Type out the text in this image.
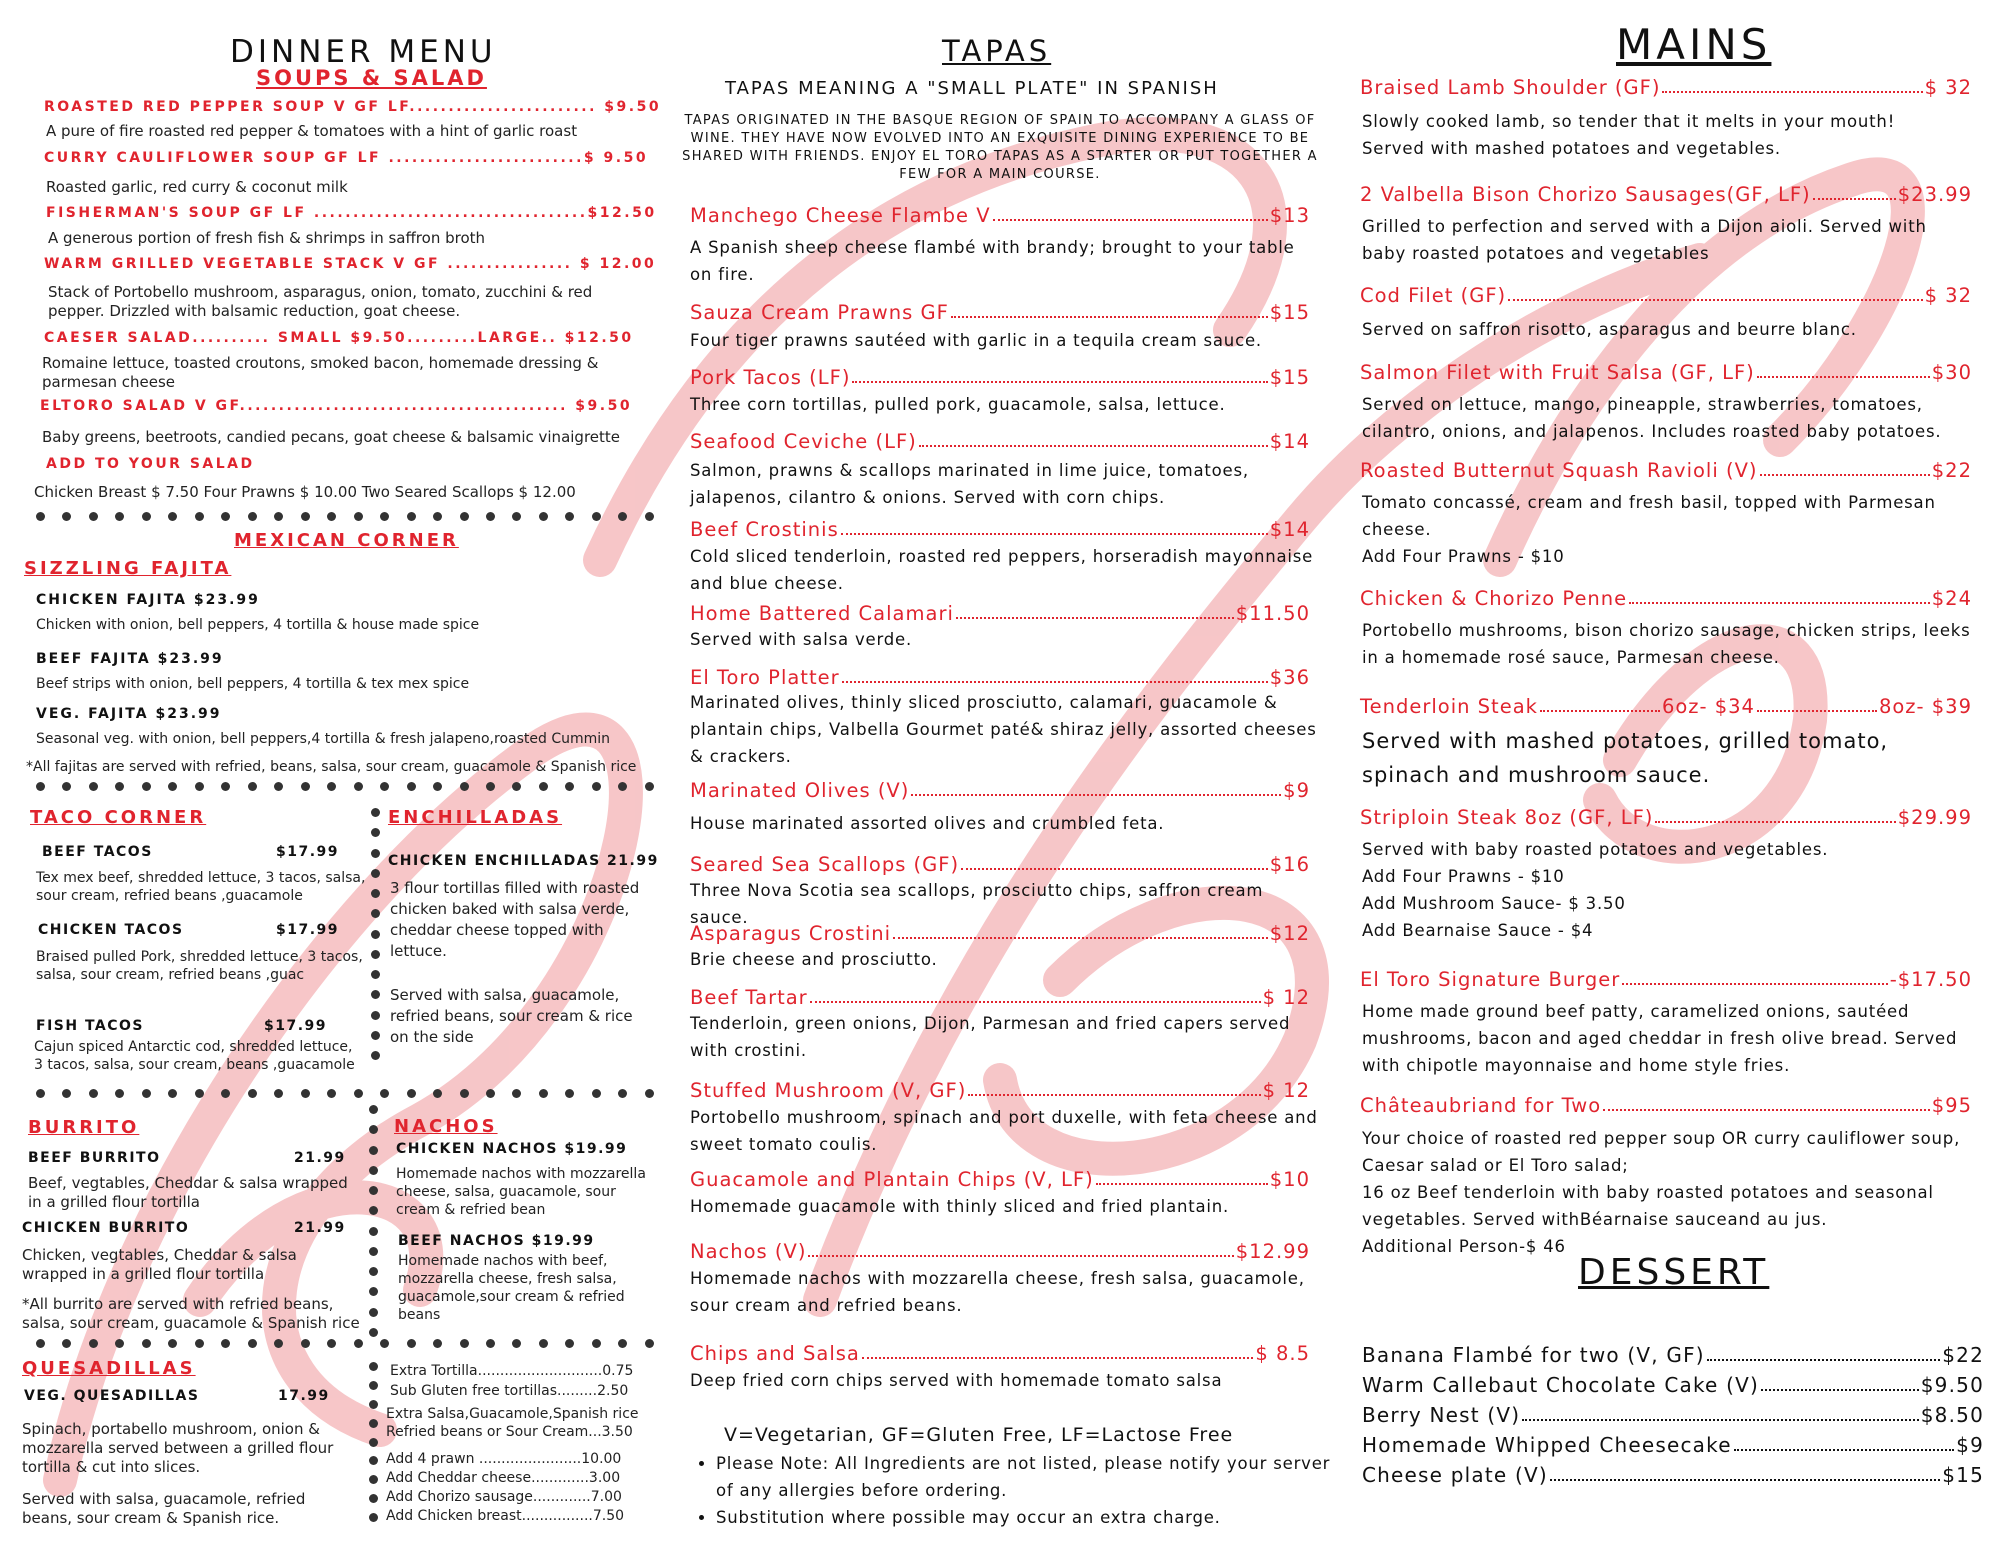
DINNER MENU
SOUPS & SALAD
ROASTED RED PEPPER SOUP V GF LF........................ $9.50
A pure of fire roasted red pepper & tomatoes with a hint of garlic roast
CURRY CAULIFLOWER SOUP GF LF .........................$ 9.50
Roasted garlic, red curry & coconut milk
FISHERMAN'S SOUP GF LF ...................................$12.50
A generous portion of fresh fish & shrimps in saffron broth
WARM GRILLED VEGETABLE STACK V GF ................ $ 12.00
Stack of Portobello mushroom, asparagus, onion, tomato, zucchini & red pepper. Drizzled with balsamic reduction, goat cheese.
CAESER SALAD.......... SMALL $9.50.........LARGE.. $12.50
Romaine lettuce, toasted croutons, smoked bacon, homemade dressing & parmesan cheese
ELTORO SALAD V GF.......................................... $9.50
Baby greens, beetroots, candied pecans, goat cheese & balsamic vinaigrette
ADD TO YOUR SALAD
Chicken Breast $ 7.50 Four Prawns $ 10.00 Two Seared Scallops $ 12.00
MEXICAN CORNER
SIZZLING FAJITA
CHICKEN FAJITA $23.99
Chicken with onion, bell peppers, 4 tortilla & house made spice
BEEF FAJITA $23.99
Beef strips with onion, bell peppers, 4 tortilla & tex mex spice
VEG. FAJITA $23.99
Seasonal veg. with onion, bell peppers,4 tortilla & fresh jalapeno,roasted Cummin
*All fajitas are served with refried, beans, salsa, sour cream, guacamole & Spanish rice
TACO CORNER
BEEF TACOS	$17.99
Tex mex beef, shredded lettuce, 3 tacos, salsa, sour cream, refried beans ,guacamole
CHICKEN TACOS	$17.99
Braised pulled Pork, shredded lettuce, 3 tacos, salsa, sour cream, refried beans ,guac
FISH TACOS	$17.99
Cajun spiced Antarctic cod, shredded lettuce, 3 tacos, salsa, sour cream, beans ,guacamole
ENCHILLADAS
CHICKEN ENCHILLADAS 21.99
3 flour tortillas filled with roasted chicken baked with salsa verde, cheddar cheese topped with lettuce.
Served with salsa, guacamole, refried beans, sour cream & rice on the side
BURRITO
BEEF BURRITO	21.99
Beef, vegtables, Cheddar & salsa wrapped in a grilled flour tortilla
CHICKEN BURRITO	21.99
Chicken, vegtables, Cheddar & salsa wrapped in a grilled flour tortilla
*All burrito are served with refried beans, salsa, sour cream, guacamole & Spanish rice
NACHOS
CHICKEN NACHOS $19.99
Homemade nachos with mozzarella cheese, salsa, guacamole, sour cream & refried bean
BEEF NACHOS $19.99
Homemade nachos with beef, mozzarella cheese, fresh salsa, guacamole,sour cream & refried beans
QUESADILLAS
VEG. QUESADILLAS	17.99
Spinach, portabello mushroom, onion & mozzarella served between a grilled flour tortilla & cut into slices.
Served with salsa, guacamole, refried beans, sour cream & Spanish rice.
Extra Tortilla............................0.75
Sub Gluten free tortillas.........2.50
Extra Salsa,Guacamole,Spanish rice
Refried beans or Sour Cream...3.50
Add 4 prawn .......................10.00
Add Cheddar cheese.............3.00
Add Chorizo sausage.............7.00
Add Chicken breast................7.50
TAPAS
TAPAS MEANING A "SMALL PLATE" IN SPANISH
TAPAS ORIGINATED IN THE BASQUE REGION OF SPAIN TO ACCOMPANY A GLASS OF WINE. THEY HAVE NOW EVOLVED INTO AN EXQUISITE DINING EXPERIENCE TO BE SHARED WITH FRIENDS. ENJOY EL TORO TAPAS AS A STARTER OR PUT TOGETHER A FEW FOR A MAIN COURSE.
Manchego Cheese Flambe V	$13
A Spanish sheep cheese flambé with brandy; brought to your table on fire.
Sauza Cream Prawns GF	$15
Four tiger prawns sautéed with garlic in a tequila cream sauce.
Pork Tacos (LF)	$15
Three corn tortillas, pulled pork, guacamole, salsa, lettuce.
Seafood Ceviche (LF)	$14
Salmon, prawns & scallops marinated in lime juice, tomatoes, jalapenos, cilantro & onions. Served with corn chips.
Beef Crostinis	$14
Cold sliced tenderloin, roasted red peppers, horseradish mayonnaise and blue cheese.
Home Battered Calamari	$11.50
Served with salsa verde.
El Toro Platter	$36
Marinated olives, thinly sliced prosciutto, calamari, guacamole & plantain chips, Valbella Gourmet paté& shiraz jelly, assorted cheeses & crackers.
Marinated Olives (V)	$9
House marinated assorted olives and crumbled feta.
Seared Sea Scallops (GF)	$16
Three Nova Scotia sea scallops, prosciutto chips, saffron cream sauce.
Asparagus Crostini	$12
Brie cheese and prosciutto.
Beef Tartar	$ 12
Tenderloin, green onions, Dijon, Parmesan and fried capers served with crostini.
Stuffed Mushroom (V, GF)	$ 12
Portobello mushroom, spinach and port duxelle, with feta cheese and sweet tomato coulis.
Guacamole and Plantain Chips (V, LF)	$10
Homemade guacamole with thinly sliced and fried plantain.
Nachos (V)	$12.99
Homemade nachos with mozzarella cheese, fresh salsa, guacamole, sour cream and refried beans.
Chips and Salsa	$ 8.5
Deep fried corn chips served with homemade tomato salsa
V=Vegetarian, GF=Gluten Free, LF=Lactose Free
• Please Note: All Ingredients are not listed, please notify your server of any allergies before ordering.
• Substitution where possible may occur an extra charge.
MAINS
Braised Lamb Shoulder (GF)	$ 32
Slowly cooked lamb, so tender that it melts in your mouth!
Served with mashed potatoes and vegetables.
2 Valbella Bison Chorizo Sausages(GF, LF)	$23.99
Grilled to perfection and served with a Dijon aioli. Served with baby roasted potatoes and vegetables
Cod Filet (GF)	$ 32
Served on saffron risotto, asparagus and beurre blanc.
Salmon Filet with Fruit Salsa (GF, LF)	$30
Served on lettuce, mango, pineapple, strawberries, tomatoes, cilantro, onions, and jalapenos. Includes roasted baby potatoes.
Roasted Butternut Squash Ravioli (V)	$22
Tomato concassé, cream and fresh basil, topped with Parmesan cheese.
Add Four Prawns - $10
Chicken & Chorizo Penne	$24
Portobello mushrooms, bison chorizo sausage, chicken strips, leeks in a homemade rosé sauce, Parmesan cheese.
Tenderloin Steak	6oz- $34	8oz- $39
Served with mashed potatoes, grilled tomato, spinach and mushroom sauce.
Striploin Steak 8oz (GF, LF)	$29.99
Served with baby roasted potatoes and vegetables.
Add Four Prawns - $10
Add Mushroom Sauce- $ 3.50
Add Bearnaise Sauce - $4
El Toro Signature Burger	-$17.50
Home made ground beef patty, caramelized onions, sautéed mushrooms, bacon and aged cheddar in fresh olive bread. Served with chipotle mayonnaise and home style fries.
Châteaubriand for Two	$95
Your choice of roasted red pepper soup OR curry cauliflower soup, Caesar salad or El Toro salad;
16 oz Beef tenderloin with baby roasted potatoes and seasonal vegetables. Served withBéarnaise sauceand au jus.
Additional Person-$ 46
DESSERT
Banana Flambé for two (V, GF)	$22
Warm Callebaut Chocolate Cake (V)	$9.50
Berry Nest (V)	$8.50
Homemade Whipped Cheesecake	$9
Cheese plate (V)	$15
